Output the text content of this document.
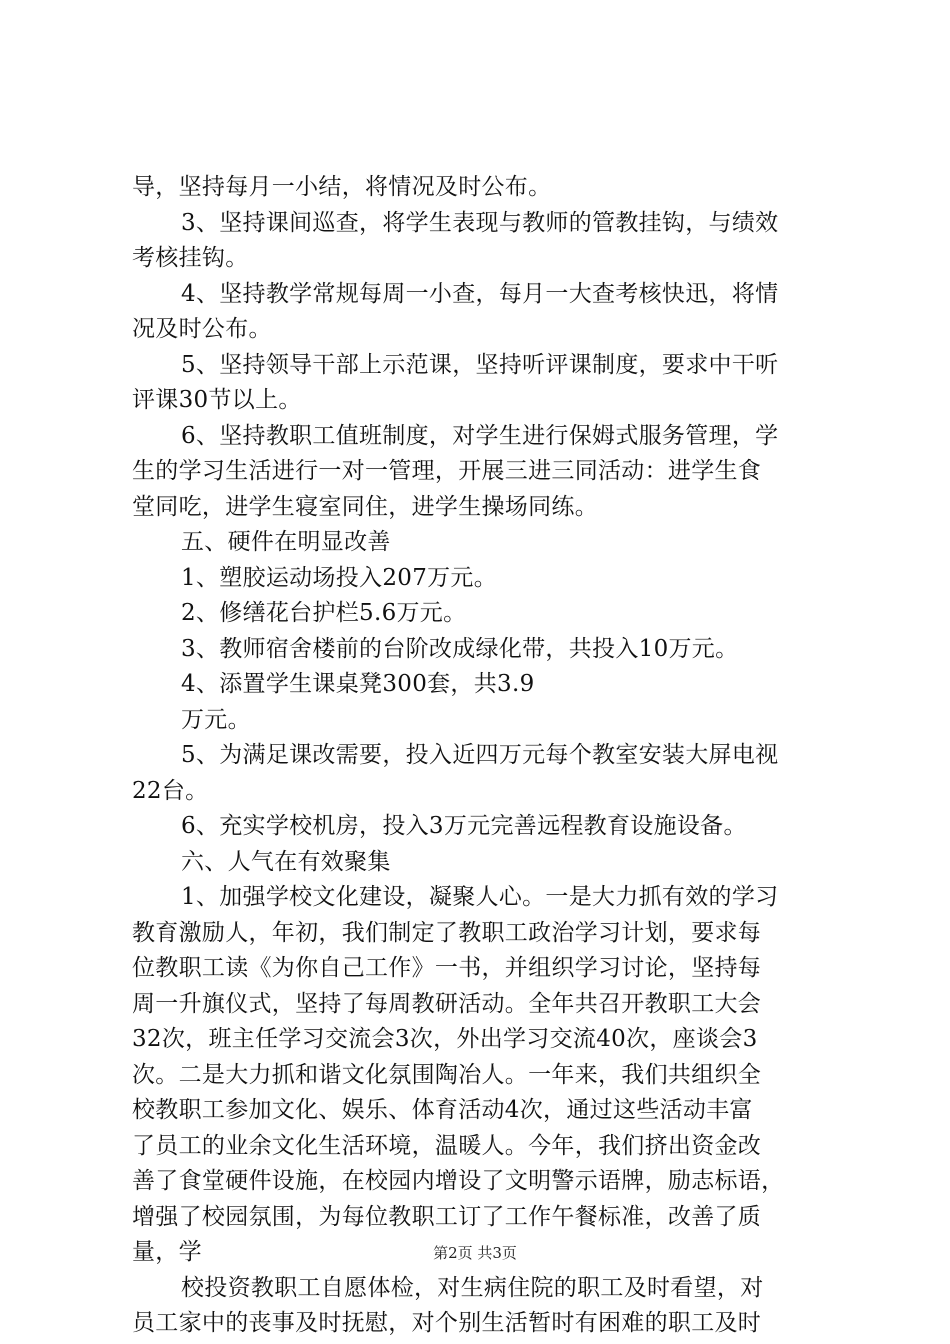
导，坚持每月一小结，将情况及时公布。
3、坚持课间巡查，将学生表现与教师的管教挂钩，与绩效
考核挂钩。
4、坚持教学常规每周一小查，每月一大查考核快迅，将情
况及时公布。
5、坚持领导干部上示范课，坚持听评课制度，要求中干听
评课30节以上。
6、坚持教职工值班制度，对学生进行保姆式服务管理，学
生的学习生活进行一对一管理，开展三进三同活动：进学生食
堂同吃，进学生寝室同住，进学生操场同练。
五、硬件在明显改善
1、塑胶运动场投入207万元。
2、修缮花台护栏5.6万元。
3、教师宿舍楼前的台阶改成绿化带，共投入10万元。
4、添置学生课桌凳300套，共3.9
万元。
5、为满足课改需要，投入近四万元每个教室安装大屏电视
22台。
6、充实学校机房，投入3万元完善远程教育设施设备。
六、人气在有效聚集
1、加强学校文化建设，凝聚人心。一是大力抓有效的学习
教育激励人，年初，我们制定了教职工政治学习计划，要求每
位教职工读《为你自己工作》一书，并组织学习讨论，坚持每
周一升旗仪式，坚持了每周教研活动。全年共召开教职工大会
32次，班主任学习交流会3次，外出学习交流40次，座谈会3
次。二是大力抓和谐文化氛围陶冶人。一年来，我们共组织全
校教职工参加文化、娱乐、体育活动4次，通过这些活动丰富
了员工的业余文化生活环境，温暖人。今年，我们挤出资金改
善了食堂硬件设施，在校园内增设了文明警示语牌，励志标语，
增强了校园氛围，为每位教职工订了工作午餐标准，改善了质
量，学
校投资教职工自愿体检，对生病住院的职工及时看望，对
员工家中的丧事及时抚慰，对个别生活暂时有困难的职工及时
第2页 共3页
